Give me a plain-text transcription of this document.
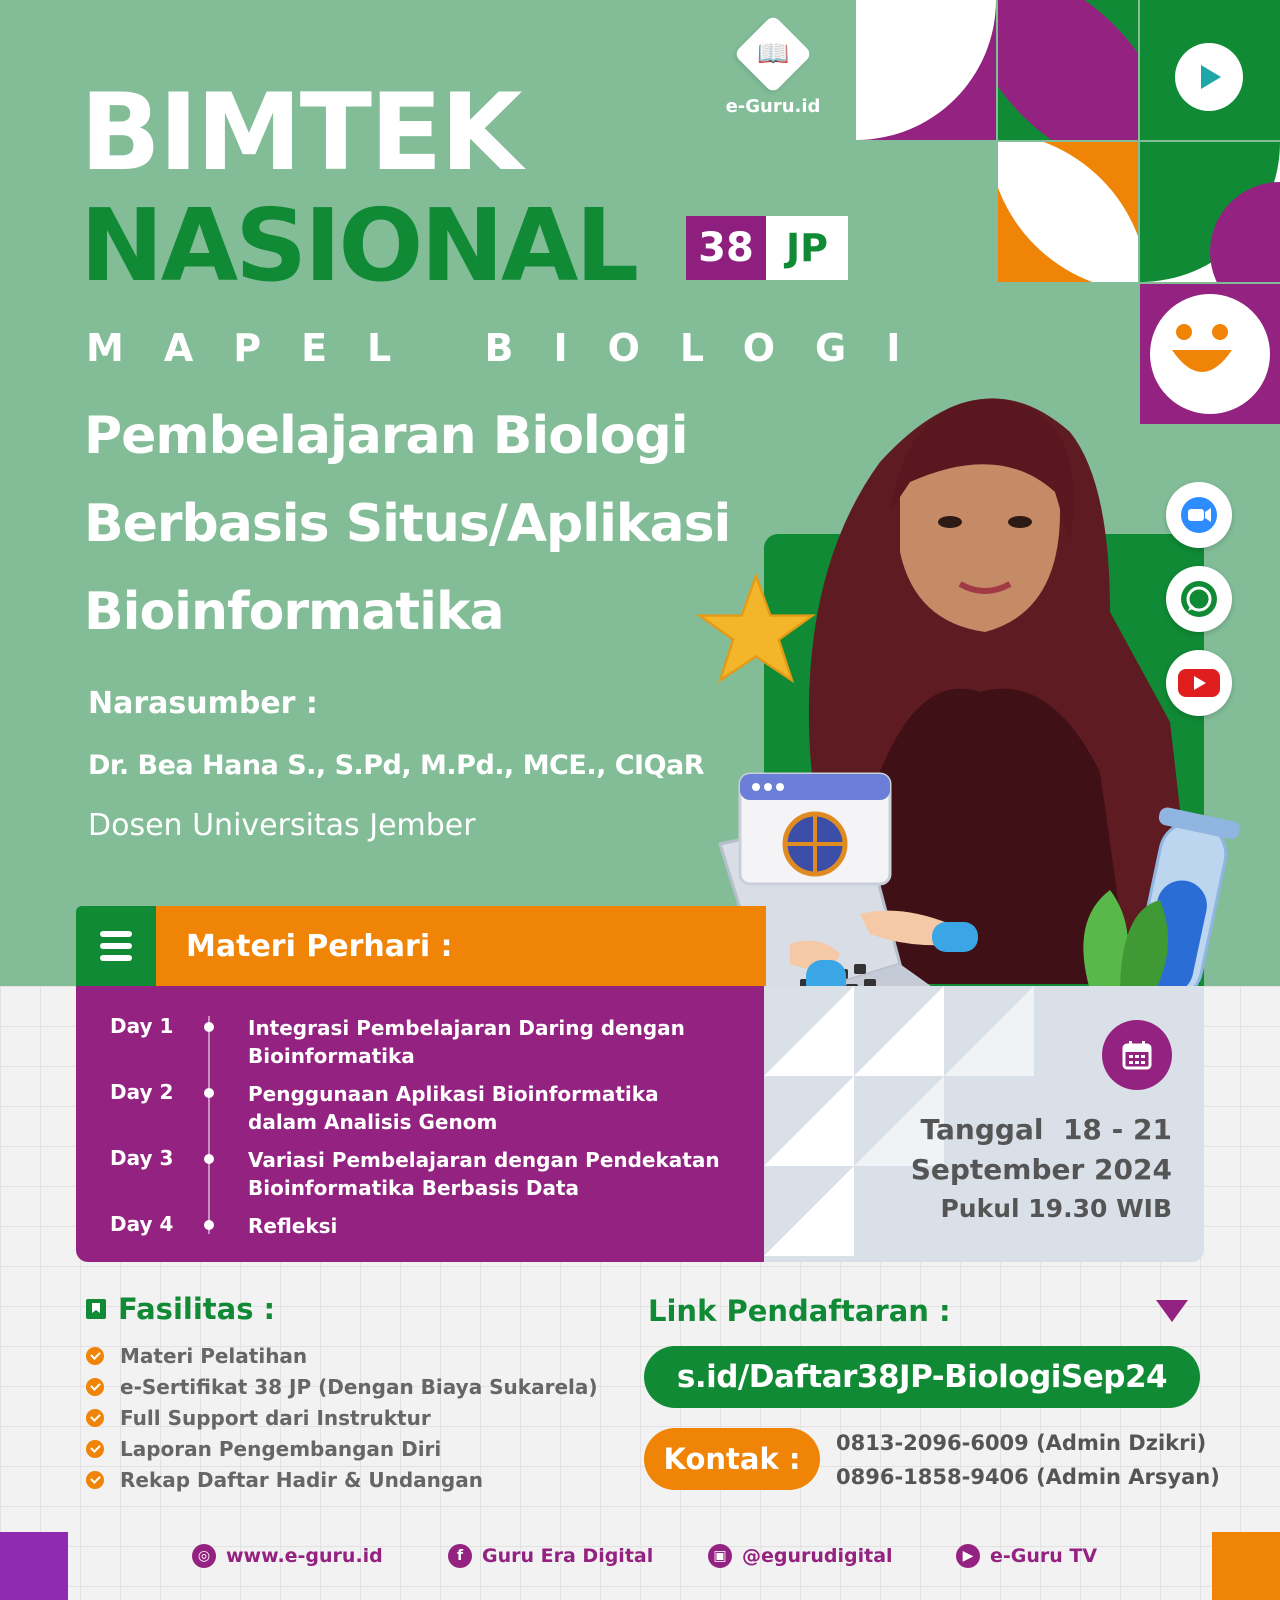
📖
e-Guru.id
BIMTEK
NASIONAL	38 JP
MAPEL BIOLOGI
Pembelajaran Biologi
Berbasis Situs/Aplikasi
Bioinformatika
Narasumber :
Dr. Bea Hana S., S.Pd, M.Pd., MCE., CIQaR
Dosen Universitas Jember
Materi Perhari :
Day 1	Integrasi Pembelajaran Daring dengan Bioinformatika
Day 2	Penggunaan Aplikasi Bioinformatika dalam Analisis Genom
Day 3	Variasi Pembelajaran dengan Pendekatan Bioinformatika Berbasis Data
Day 4	Refleksi
Tanggal  18 - 21
September 2024
Pukul 19.30 WIB
Fasilitas :
Materi Pelatihan
e-Sertifikat 38 JP (Dengan Biaya Sukarela)
Full Support dari Instruktur
Laporan Pengembangan Diri
Rekap Daftar Hadir & Undangan
Link Pendaftaran :
s.id/Daftar38JP-BiologiSep24
Kontak :	0813-2096-6009 (Admin Dzikri)
0896-1858-9406 (Admin Arsyan)
◎ www.e-guru.id	f Guru Era Digital	▣ @egurudigital	▶ e-Guru TV
